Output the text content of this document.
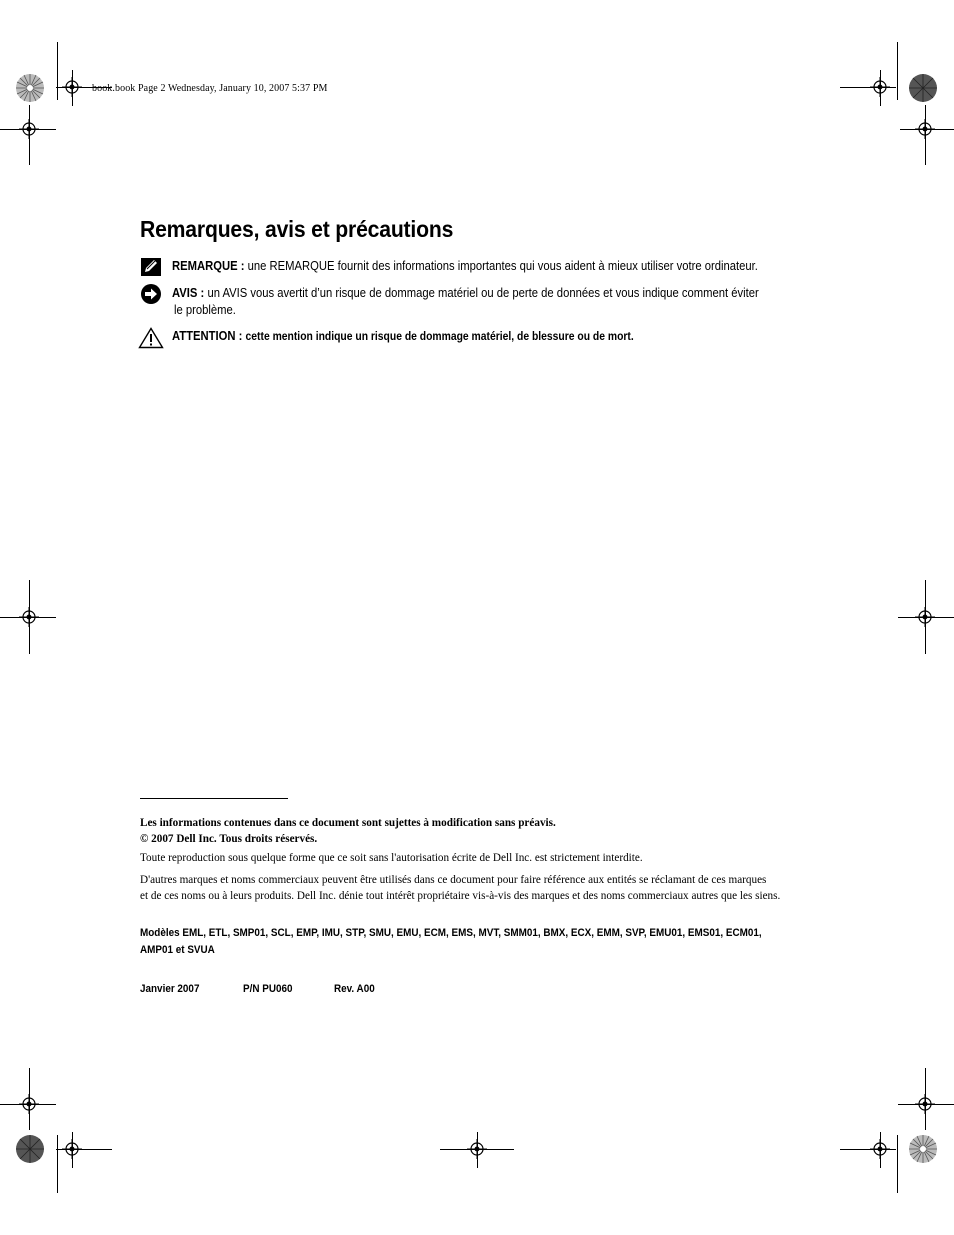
book.book Page 2 Wednesday, January 10, 2007 5:37 PM
Remarques, avis et précautions
REMARQUE : une REMARQUE fournit des informations importantes qui vous aident à mieux utiliser votre ordinateur.
AVIS : un AVIS vous avertit d’un risque de dommage matériel ou de perte de données et vous indique comment éviter
le problème.
ATTENTION : cette mention indique un risque de dommage matériel, de blessure ou de mort.
Les informations contenues dans ce document sont sujettes à modification sans préavis.
© 2007 Dell Inc. Tous droits réservés.
Toute reproduction sous quelque forme que ce soit sans l'autorisation écrite de Dell Inc. est strictement interdite.
D'autres marques et noms commerciaux peuvent être utilisés dans ce document pour faire référence aux entités se réclamant de ces marques
et de ces noms ou à leurs produits. Dell Inc. dénie tout intérêt propriétaire vis-à-vis des marques et des noms commerciaux autres que les siens.
Modèles EML, ETL, SMP01, SCL, EMP, IMU, STP, SMU, EMU, ECM, EMS, MVT, SMM01, BMX, ECX, EMM, SVP, EMU01, EMS01, ECM01,
AMP01 et SVUA
Janvier 2007	P/N PU060	Rev. A00
